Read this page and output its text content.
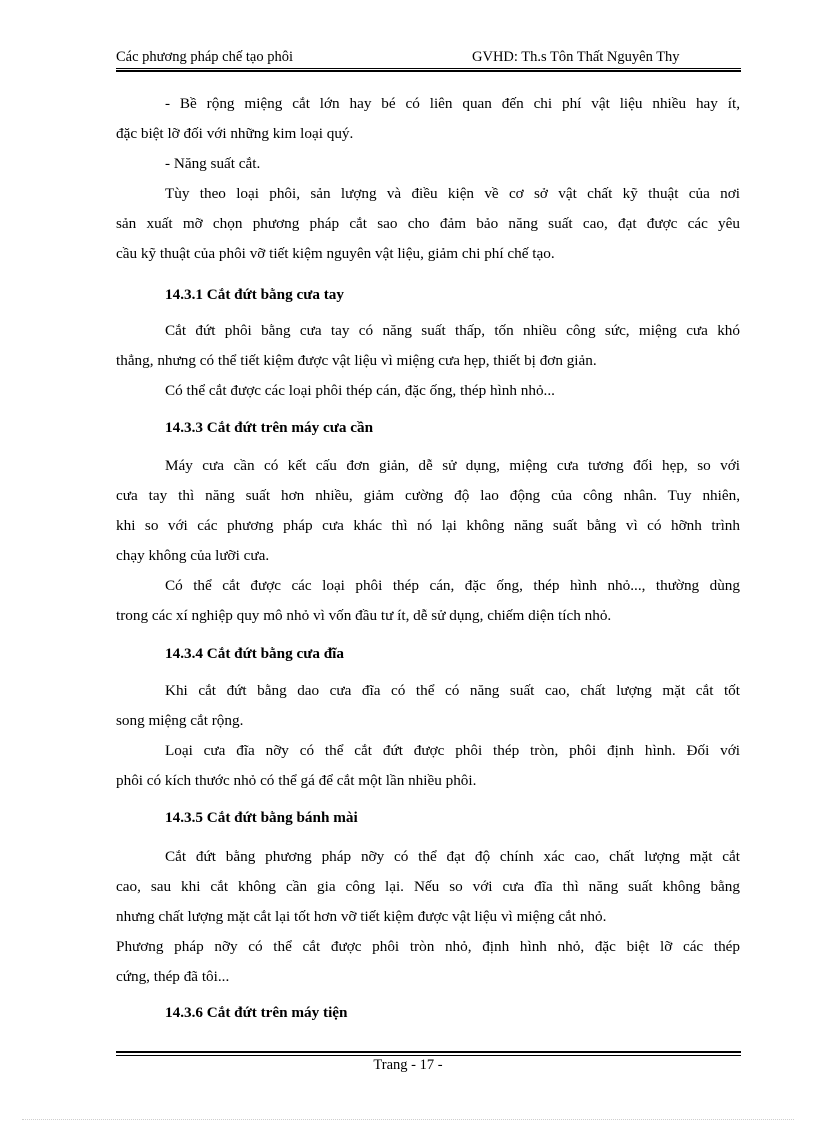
Các phương pháp chế tạo phôi	GVHD: Th.s Tôn Thất Nguyên Thy
- Bề rộng miệng cắt lớn hay bé có liên quan đến chi phí vật liệu nhiều hay ít,
đặc biệt lỡ đối với những kim loại quý.
- Năng suất cắt.
Tùy theo loại phôi, sản lượng và điều kiện về cơ sở vật chất kỹ thuật của nơi
sản xuất mỡ chọn phương pháp cắt sao cho đảm bảo năng suất cao, đạt được các yêu
cầu kỹ thuật của phôi vỡ tiết kiệm nguyên vật liệu, giảm chi phí chế tạo.
14.3.1 Cắt đứt bằng cưa tay
Cắt đứt phôi bằng cưa tay có năng suất thấp, tốn nhiều công sức, miệng cưa khó
thẳng, nhưng có thể tiết kiệm được vật liệu vì miệng cưa hẹp, thiết bị đơn giản.
Có thể cắt được các loại phôi thép cán, đặc ống, thép hình nhỏ...
14.3.3 Cắt đứt trên máy cưa cần
Máy cưa cần có kết cấu đơn giản, dễ sử dụng, miệng cưa tương đối hẹp, so với
cưa tay thì năng suất hơn nhiều, giảm cường độ lao động của công nhân. Tuy nhiên,
khi so với các phương pháp cưa khác thì nó lại không năng suất bằng vì có hỡnh trình
chạy không của lưỡi cưa.
Có thể cắt được các loại phôi thép cán, đặc ống, thép hình nhỏ..., thường dùng
trong các xí nghiệp quy mô nhỏ vì vốn đầu tư ít, dễ sử dụng, chiếm diện tích nhỏ.
14.3.4 Cắt đứt bằng cưa đĩa
Khi cắt đứt bằng dao cưa đĩa có thể có năng suất cao, chất lượng mặt cắt tốt
song miệng cắt rộng.
Loại cưa đĩa nỡy có thể cắt đứt được phôi thép tròn, phôi định hình. Đối với
phôi có kích thước nhỏ có thể gá để cắt một lần nhiều phôi.
14.3.5 Cắt đứt bằng bánh mài
Cắt đứt bằng phương pháp nỡy có thể đạt độ chính xác cao, chất lượng mặt cắt
cao, sau khi cắt không cần gia công lại. Nếu so với cưa đĩa thì năng suất không bằng
nhưng chất lượng mặt cắt lại tốt hơn vỡ tiết kiệm được vật liệu vì miệng cắt nhỏ.
Phương pháp nỡy có thể cắt được phôi tròn nhỏ, định hình nhỏ, đặc biệt lỡ các thép
cứng, thép đã tôi...
14.3.6 Cắt đứt trên máy tiện
Trang - 17 -
